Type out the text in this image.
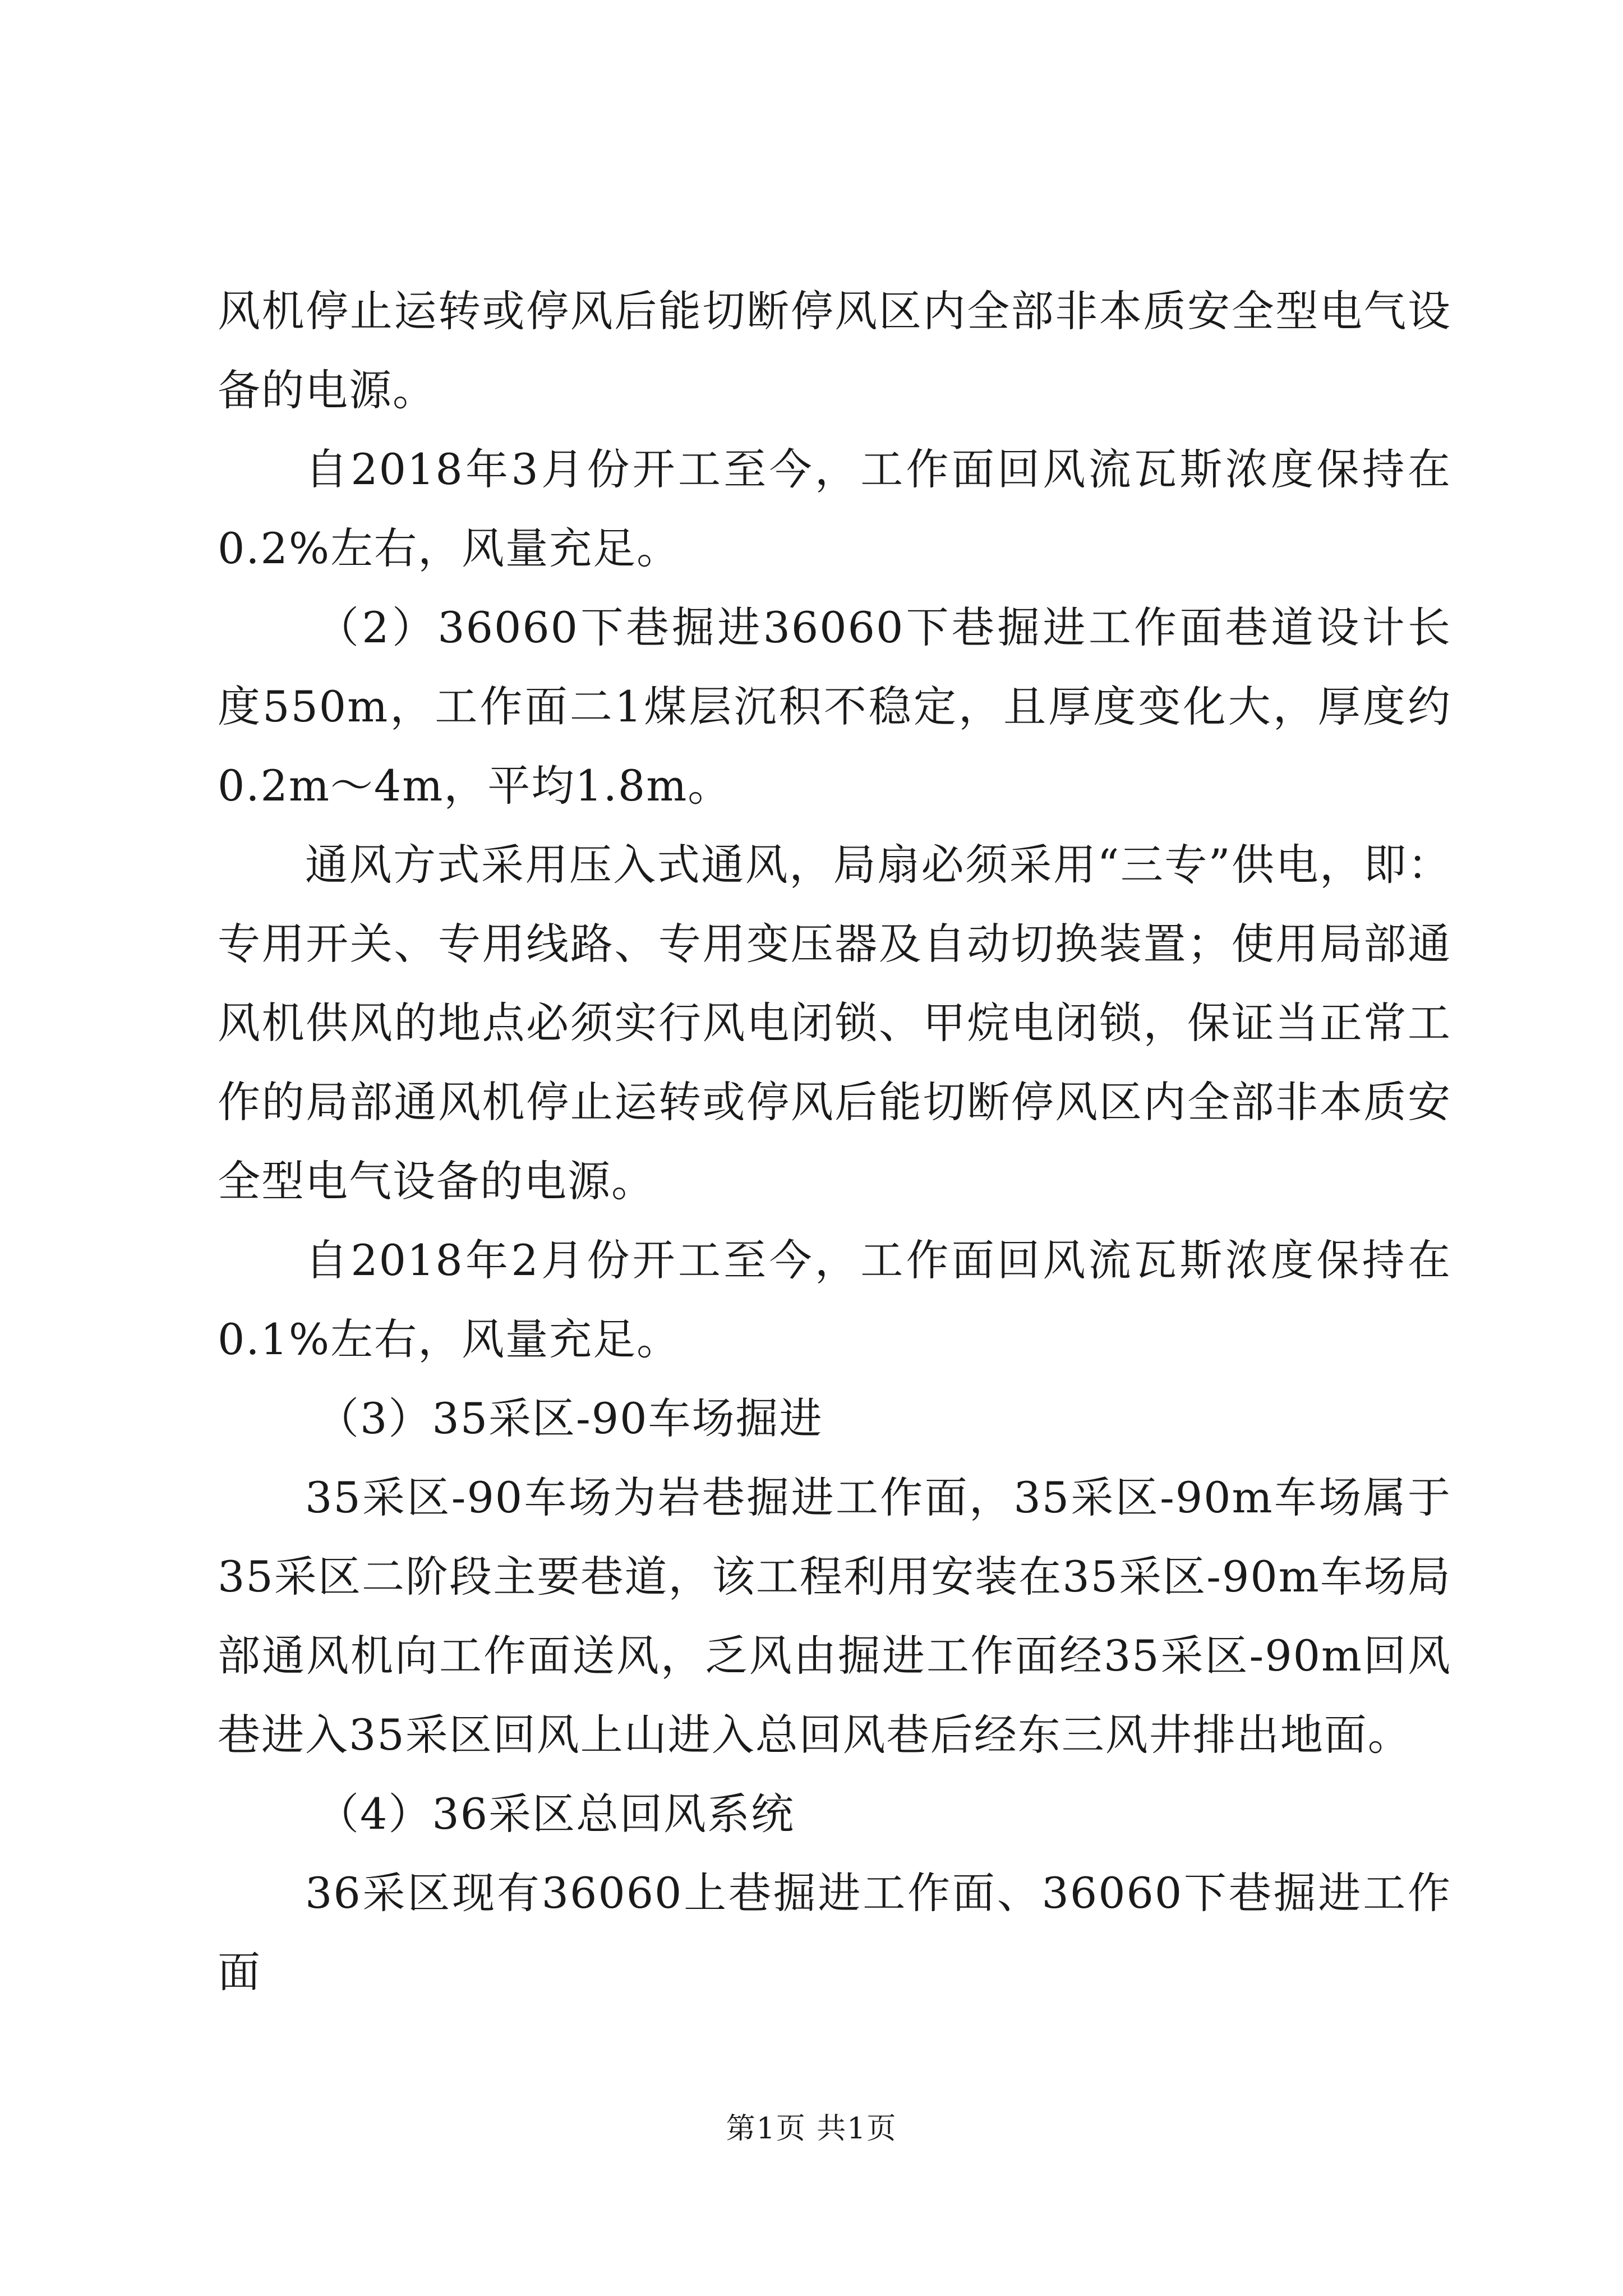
风机停止运转或停风后能切断停风区内全部非本质安全型电气设备的电源。

自2018年3月份开工至今，工作面回风流瓦斯浓度保持在0.2%左右，风量充足。

（2）36060下巷掘进36060下巷掘进工作面巷道设计长度550m，工作面二1煤层沉积不稳定，且厚度变化大，厚度约0.2m～4m，平均1.8m。

通风方式采用压入式通风，局扇必须采用“三专”供电，即：专用开关、专用线路、专用变压器及自动切换装置；使用局部通风机供风的地点必须实行风电闭锁、甲烷电闭锁，保证当正常工作的局部通风机停止运转或停风后能切断停风区内全部非本质安全型电气设备的电源。

自2018年2月份开工至今，工作面回风流瓦斯浓度保持在0.1%左右，风量充足。

（3）35采区-90车场掘进

35采区-90车场为岩巷掘进工作面，35采区-90m车场属于35采区二阶段主要巷道，该工程利用安装在35采区-90m车场局部通风机向工作面送风，乏风由掘进工作面经35采区-90m回风巷进入35采区回风上山进入总回风巷后经东三风井排出地面。

（4）36采区总回风系统

36采区现有36060上巷掘进工作面、36060下巷掘进工作面

第1页 共1页
